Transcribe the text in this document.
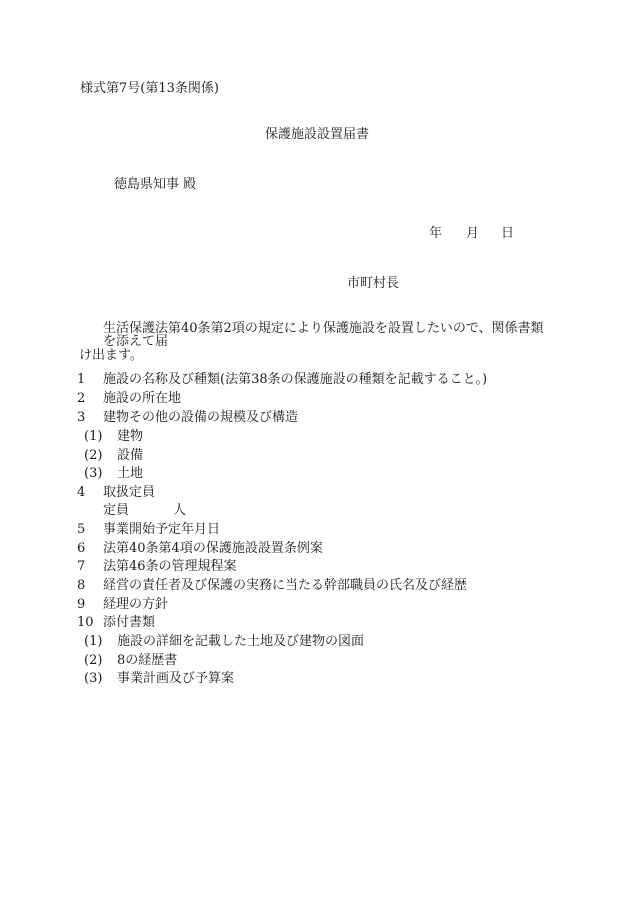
様式第7号(第13条関係)
保護施設設置届書
徳島県知事 殿
年 月 日
市町村長
生活保護法第40条第2項の規定により保護施設を設置したいので、関係書類を添えて届
け出ます。
1 施設の名称及び種類(法第38条の保護施設の種類を記載すること。)
2 施設の所在地
3 建物その他の設備の規模及び構造
(1) 建物
(2) 設備
(3) 土地
4 取扱定員
定員	人
5 事業開始予定年月日
6 法第40条第4項の保護施設設置条例案
7 法第46条の管理規程案
8 経営の責任者及び保護の実務に当たる幹部職員の氏名及び経歴
9 経理の方針
10 添付書類
(1) 施設の詳細を記載した土地及び建物の図面
(2) 8の経歴書
(3) 事業計画及び予算案
